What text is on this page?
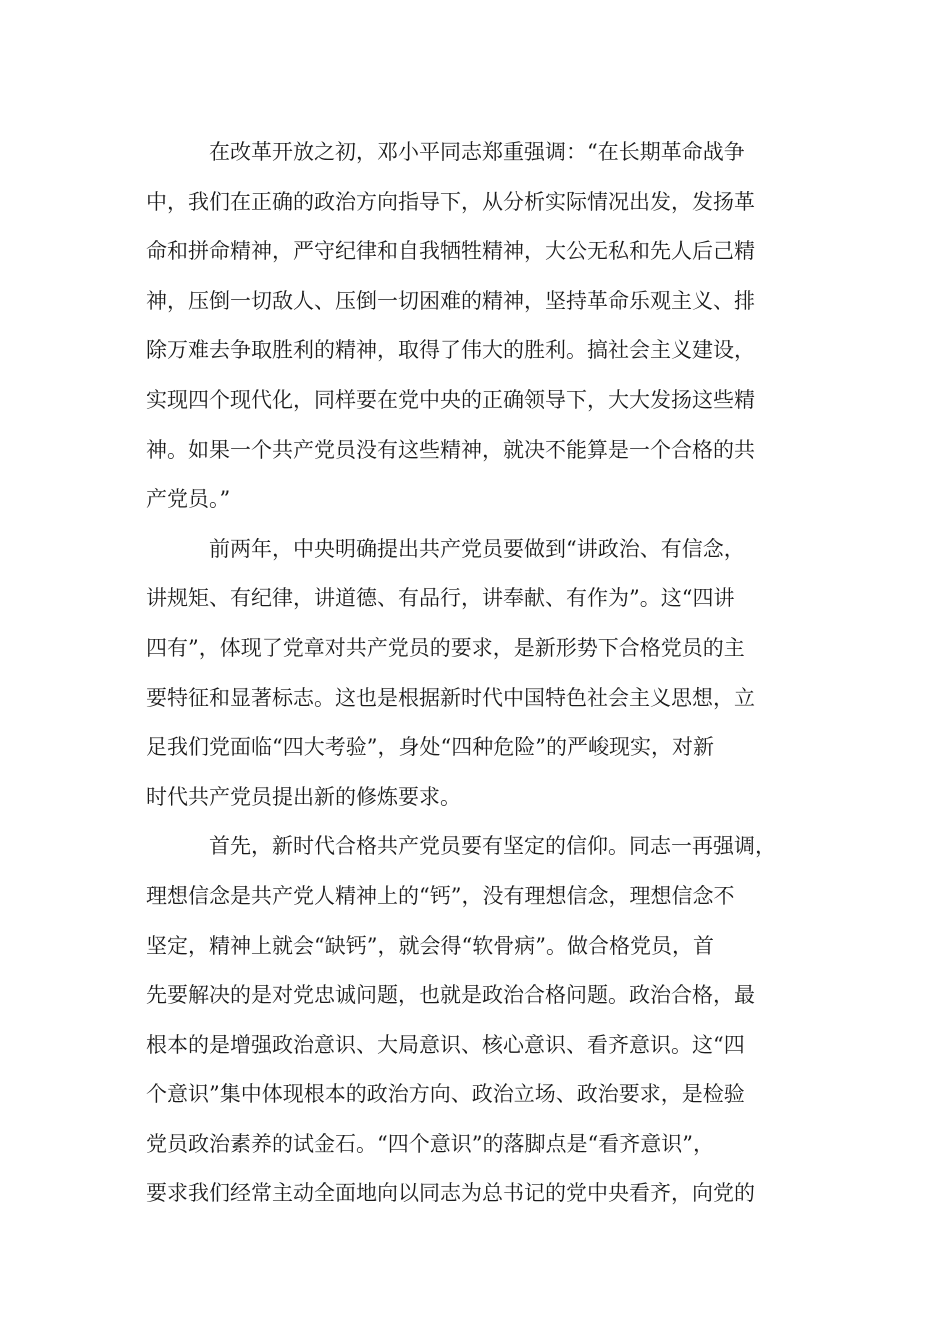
　　　在改革开放之初，邓小平同志郑重强调：“在长期革命战争
中，我们在正确的政治方向指导下，从分析实际情况出发，发扬革
命和拼命精神，严守纪律和自我牺牲精神，大公无私和先人后己精
神，压倒一切敌人、压倒一切困难的精神，坚持革命乐观主义、排
除万难去争取胜利的精神，取得了伟大的胜利。搞社会主义建设，
实现四个现代化，同样要在党中央的正确领导下，大大发扬这些精
神。如果一个共产党员没有这些精神，就决不能算是一个合格的共
产党员。”

　　　前两年，中央明确提出共产党员要做到“讲政治、有信念，
讲规矩、有纪律，讲道德、有品行，讲奉献、有作为”。这“四讲
四有”，体现了党章对共产党员的要求，是新形势下合格党员的主
要特征和显著标志。这也是根据新时代中国特色社会主义思想，立
足我们党面临“四大考验”，身处“四种危险”的严峻现实，对新
时代共产党员提出新的修炼要求。

　　　首先，新时代合格共产党员要有坚定的信仰。同志一再强调，
理想信念是共产党人精神上的“钙”，没有理想信念，理想信念不
坚定，精神上就会“缺钙”，就会得“软骨病”。做合格党员，首
先要解决的是对党忠诚问题，也就是政治合格问题。政治合格，最
根本的是增强政治意识、大局意识、核心意识、看齐意识。这“四
个意识”集中体现根本的政治方向、政治立场、政治要求，是检验
党员政治素养的试金石。“四个意识”的落脚点是“看齐意识”，
要求我们经常主动全面地向以同志为总书记的党中央看齐，向党的
